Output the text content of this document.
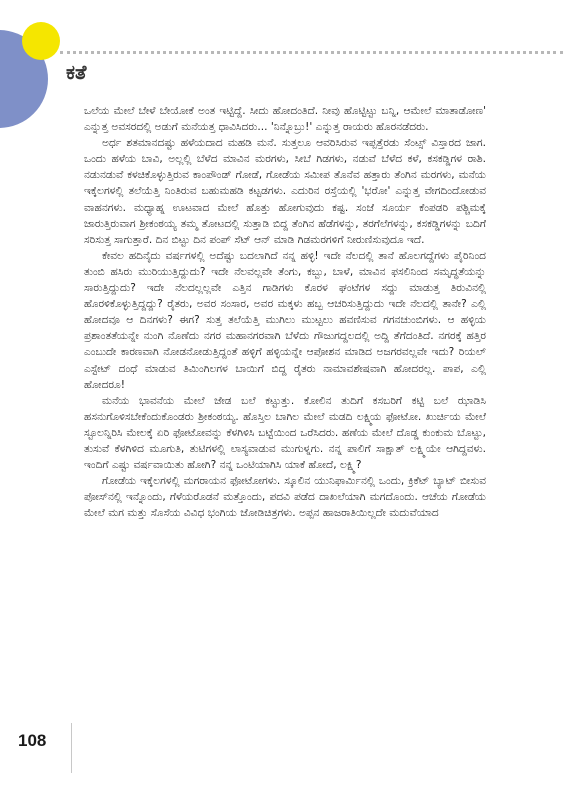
ಕತೆ

ಒಲೆಯ ಮೇಲೆ ಬೇಳೆ ಬೇಯೋಕೆ ಅಂತ ಇಟ್ಟಿದ್ದೆ. ಸೀದು ಹೋದಂತಿದೆ. ನೀವು ಹೊಟ್ಟಿಟ್ಟು ಬನ್ನಿ, ಆಮೇಲೆ ಮಾತಾಡೋಣ' ಎನ್ನುತ್ತ ಅವಸರದಲ್ಲಿ ಅಡುಗೆ ಮನೆಯತ್ತ ಧಾವಿಸಿದರು... 'ನಿನ್ನೊಬ್ರು!' ಎನ್ನುತ್ತ ರಾಯರು ಹೊರನಡೆದರು.

ಅರ್ಧ ಶತಮಾನದಷ್ಟು ಹಳೆಯದಾದ ಮಹಡಿ ಮನೆ. ಸುತ್ತಲೂ ಆವರಿಸಿರುವ ಇಪ್ಪತ್ತೆರಡು ಸೆಂಟ್ಸ್ ವಿಸ್ತಾರದ ಜಾಗ. ಒಂದು ಹಳೆಯ ಬಾವಿ, ಅಲ್ಲಲ್ಲಿ ಬೆಳೆದ ಮಾವಿನ ಮರಗಳು, ಸೀಬೆ ಗಿಡಗಳು, ನಡುವೆ ಬೆಳೆದ ಕಳೆ, ಕಸಕಡ್ಡಿಗಳ ರಾಶಿ. ನಡುನಡುವೆ ಕಳಚಿಕೊಳ್ಳುತ್ತಿರುವ ಕಾಂಪೌಂಡ್ ಗೋಡೆ, ಗೋಡೆಯ ಸಮೀಪ ತೊನೆವ ಹತ್ತಾರು ತೆಂಗಿನ ಮರಗಳು, ಮನೆಯ ಇಕ್ಕೆಲಗಳಲ್ಲಿ ತಲೆಯೆತ್ತಿ ನಿಂತಿರುವ ಬಹುಮಹಡಿ ಕಟ್ಟಡಗಳು. ಎದುರಿನ ರಸ್ತೆಯಲ್ಲಿ 'ಭರೋ' ಎನ್ನುತ್ತ ವೇಗದಿಂದೋಡುವ ವಾಹನಗಳು. ಮಧ್ಯಾಹ್ನ ಊಟವಾದ ಮೇಲೆ ಹೊತ್ತು ಹೋಗುವುದು ಕಷ್ಟ. ಸಂಜೆ ಸೂರ್ಯ ಕೆಂಪಡರಿ ಪಶ್ಚಿಮಕ್ಕೆ ಜಾರುತ್ತಿರುವಾಗ ಶ್ರೀಕಂಠಯ್ಯ ತಮ್ಮ ತೋಟದಲ್ಲಿ ಸುತ್ತಾಡಿ ಬಿದ್ದ ತೆಂಗಿನ ಹೆಡೆಗಳನ್ನು, ತರಗೆಲೆಗಳನ್ನು, ಕಸಕಡ್ಡಿಗಳನ್ನು ಬದಿಗೆ ಸರಿಸುತ್ತ ಸಾಗುತ್ತಾರೆ. ದಿನ ಬಿಟ್ಟು ದಿನ ಪಂಪ್ ಸೆಟ್ ಆನ್ ಮಾಡಿ ಗಿಡಮರಗಳಿಗೆ ನೀರುಣಿಸುವುದೂ ಇದೆ.

ಕೇವಲ ಹದಿನೈದು ವರ್ಷಗಳಲ್ಲಿ ಅದೆಷ್ಟು ಬದಲಾಗಿದೆ ನನ್ನ ಹಳ್ಳಿ! ಇದೇ ನೆಲದಲ್ಲಿ ತಾನೆ ಹೊಲಗದ್ದೆಗಳು ಪೈರಿನಿಂದ ತುಂಬಿ ಹಸಿರು ಮುರಿಯುತ್ತಿದ್ದುದು? ಇದೇ ನೆಲವಲ್ಲವೇ ತೆಂಗು, ಕಬ್ಬು, ಬಾಳೆ, ಮಾವಿನ ಫಸಲಿನಿಂದ ಸಮೃದ್ಧತೆಯನ್ನು ಸಾರುತ್ತಿದ್ದುದು? ಇದೇ ನೆಲದಲ್ಲಲ್ಲವೇ ಎತ್ತಿನ ಗಾಡಿಗಳು ಕೊರಳ ಘಂಟೆಗಳ ಸದ್ದು ಮಾಡುತ್ತ ತಿರುವಿನಲ್ಲಿ ಹೊರಳಿಕೊಳ್ಳುತ್ತಿದ್ದದ್ದು? ರೈತರು, ಅವರ ಸಂಸಾರ, ಅವರ ಮಕ್ಕಳು ಹಬ್ಬ ಆಚರಿಸುತ್ತಿದ್ದುದು ಇದೇ ನೆಲದಲ್ಲಿ ತಾನೇ? ಎಲ್ಲಿ ಹೋದವೂ ಆ ದಿನಗಳು? ಈಗ? ಸುತ್ತ ತಲೆಯೆತ್ತಿ ಮುಗಿಲು ಮುಟ್ಟಲು ಹವಣಿಸುವ ಗಗನಚುಂಬಿಗಳು. ಆ ಹಳ್ಳಿಯ ಪ್ರಶಾಂತತೆಯನ್ನೇ ನುಂಗಿ ನೊಣೆದು ನಗರ ಮಹಾನಗರವಾಗಿ ಬೆಳೆದು ಗೌಜುಗದ್ದಲದಲ್ಲಿ ಅದ್ದಿ ತೆಗೆದಂತಿದೆ. ನಗರಕ್ಕೆ ಹತ್ತಿರ ಎಂಬುದೇ ಕಾರಣವಾಗಿ ನೋಡನೋಡುತ್ತಿದ್ದಂತೆ ಹಳ್ಳಿಗೆ ಹಳ್ಳಿಯನ್ನೇ ಆಪೋಶನ ಮಾಡಿದ ಅಜಗರವಲ್ಲವೇ ಇದು? ರಿಯಲ್ ಎಸ್ಟೇಟ್ ದಂಧೆ ಮಾಡುವ ತಿಮಿಂಗಿಲಗಳ ಬಾಯಿಗೆ ಬಿದ್ದ ರೈತರು ನಾಮಾವಶೇಷವಾಗಿ ಹೋದರಲ್ಲ. ಪಾಪ, ಎಲ್ಲಿ ಹೋದರೂ!

ಮನೆಯ ಭಾವನೆಯ ಮೇಲೆ ಜೇಡ ಬಲೆ ಕಟ್ಟುತ್ತು. ಕೋಲಿನ ತುದಿಗೆ ಕಸಬರಿಗೆ ಕಟ್ಟಿ ಬಲೆ ಝಾಡಿಸಿ ಹಸನುಗೊಳಿಸಬೇಕೆಂದುಕೊಂಡರು ಶ್ರೀಕಂಠಯ್ಯ. ಹೊಸ್ತಿಲ ಬಾಗಿಲ ಮೇಲೆ ಮಡದಿ ಲಕ್ಷ್ಮಿಯ ಫೋಟೋ. ಖುರ್ಚಿಯ ಮೇಲೆ ಸ್ಟೂಲನ್ನಿರಿಸಿ ಮೇಲಕ್ಕೆ ಏರಿ ಫೋಟೋವನ್ನು ಕೆಳಗಿಳಿಸಿ ಬಟ್ಟೆಯಿಂದ ಒರೆಸಿದರು. ಹಣೆಯ ಮೇಲೆ ದೊಡ್ಡ ಕುಂಕುಮ ಬೊಟ್ಟು, ತುಸುವೆ ಕೆಳಗಿಳಿದ ಮೂಗುತಿ, ತುಟಿಗಳಲ್ಲಿ ಲಾಸ್ಯವಾಡುವ ಮುಗುಳ್ನಗು. ನನ್ನ ಪಾಲಿಗೆ ಸಾಕ್ಷಾತ್ ಲಕ್ಷ್ಮಿಯೇ ಆಗಿದ್ದವಳು. ಇಂದಿಗೆ ಎಷ್ಟು ವರ್ಷವಾಯಿತು ಹೋಗಿ? ನನ್ನ ಒಂಟಿಯಾಗಿಸಿ ಯಾಕೆ ಹೋದೆ, ಲಕ್ಷ್ಮಿ?

ಗೋಡೆಯ ಇಕ್ಕೆಲಗಳಲ್ಲಿ ಮಗರಾಯನ ಫೋಟೋಗಳು. ಸ್ಕೂಲಿನ ಯುನಿಫಾರ್ಮಿನಲ್ಲಿ ಒಂದು, ಕ್ರಿಕೆಟ್ ಬ್ಯಾಟ್ ಬೀಸುವ ಪೋಸ್‌ನಲ್ಲಿ ಇನ್ನೊಂದು, ಗೆಳೆಯರೊಡನೆ ಮತ್ತೊಂದು, ಪದವಿ ಪಡೆದ ದಾಖಲೆಯಾಗಿ ಮಗದೊಂದು. ಆಚೆಯ ಗೋಡೆಯ ಮೇಲೆ ಮಗ ಮತ್ತು ಸೊಸೆಯ ವಿವಿಧ ಭಂಗಿಯ ಜೋಡಿಚಿತ್ರಗಳು. ಅಪ್ಪನ ಹಾಜರಾತಿಯಿಲ್ಲದೇ ಮದುವೆಯಾದ

108
